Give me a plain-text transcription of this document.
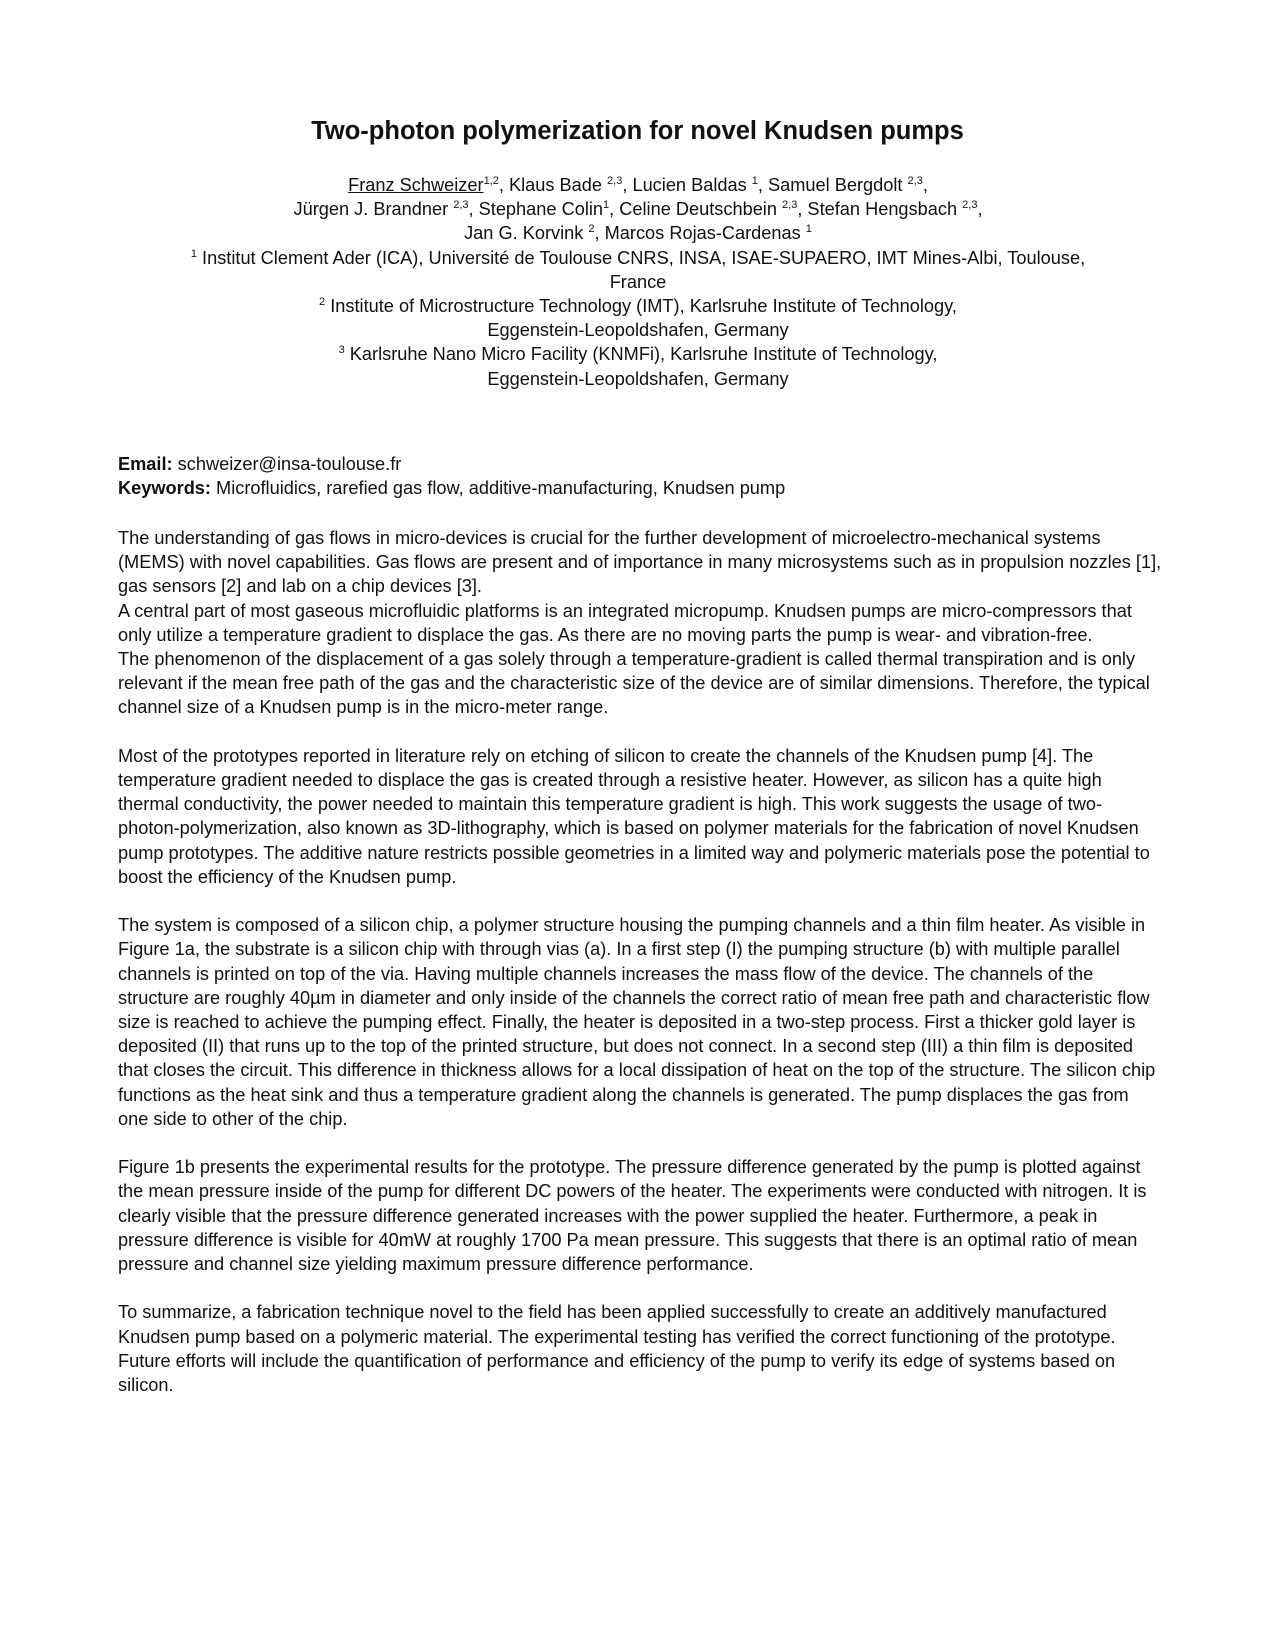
Two-photon polymerization for novel Knudsen pumps
Franz Schweizer$^{1,2}$, Klaus Bade $^{2,3}$, Lucien Baldas $^1$, Samuel Bergdolt $^{2,3}$,
Jürgen J. Brandner $^{2,3}$, Stephane Colin$^1$, Celine Deutschbein $^{2,3}$, Stefan Hengsbach $^{2,3}$,
Jan G. Korvink $^2$, Marcos Rojas-Cardenas $^1$
$^1$ Institut Clement Ader (ICA), Université de Toulouse CNRS, INSA, ISAE-SUPAERO, IMT Mines-Albi, Toulouse,
France
$^2$ Institute of Microstructure Technology (IMT), Karlsruhe Institute of Technology,
Eggenstein-Leopoldshafen, Germany
$^3$ Karlsruhe Nano Micro Facility (KNMFi), Karlsruhe Institute of Technology,
Eggenstein-Leopoldshafen, Germany
Email: schweizer@insa-toulouse.fr
Keywords: Microfluidics, rarefied gas flow, additive-manufacturing, Knudsen pump

The understanding of gas flows in micro-devices is crucial for the further development of microelectro-mechanical systems (MEMS) with novel capabilities. Gas flows are present and of importance in many microsystems such as in propulsion nozzles [1], gas sensors [2] and lab on a chip devices [3].

A central part of most gaseous microfluidic platforms is an integrated micropump. Knudsen pumps are micro-compressors that only utilize a temperature gradient to displace the gas. As there are no moving parts the pump is wear- and vibration-free.

The phenomenon of the displacement of a gas solely through a temperature-gradient is called thermal transpiration and is only relevant if the mean free path of the gas and the characteristic size of the device are of similar dimensions. Therefore, the typical channel size of a Knudsen pump is in the micro-meter range.

Most of the prototypes reported in literature rely on etching of silicon to create the channels of the Knudsen pump [4]. The temperature gradient needed to displace the gas is created through a resistive heater. However, as silicon has a quite high thermal conductivity, the power needed to maintain this temperature gradient is high. This work suggests the usage of two-photon-polymerization, also known as 3D-lithography, which is based on polymer materials for the fabrication of novel Knudsen pump prototypes. The additive nature restricts possible geometries in a limited way and polymeric materials pose the potential to boost the efficiency of the Knudsen pump.

The system is composed of a silicon chip, a polymer structure housing the pumping channels and a thin film heater. As visible in Figure 1a, the substrate is a silicon chip with through vias (a). In a first step (I) the pumping structure (b) with multiple parallel channels is printed on top of the via. Having multiple channels increases the mass flow of the device. The channels of the structure are roughly 40µm in diameter and only inside of the channels the correct ratio of mean free path and characteristic flow size is reached to achieve the pumping effect. Finally, the heater is deposited in a two-step process. First a thicker gold layer is deposited (II) that runs up to the top of the printed structure, but does not connect. In a second step (III) a thin film is deposited that closes the circuit. This difference in thickness allows for a local dissipation of heat on the top of the structure. The silicon chip functions as the heat sink and thus a temperature gradient along the channels is generated. The pump displaces the gas from one side to other of the chip.

Figure 1b presents the experimental results for the prototype. The pressure difference generated by the pump is plotted against the mean pressure inside of the pump for different DC powers of the heater. The experiments were conducted with nitrogen. It is clearly visible that the pressure difference generated increases with the power supplied the heater. Furthermore, a peak in pressure difference is visible for 40mW at roughly 1700 Pa mean pressure. This suggests that there is an optimal ratio of mean pressure and channel size yielding maximum pressure difference performance.

To summarize, a fabrication technique novel to the field has been applied successfully to create an additively manufactured Knudsen pump based on a polymeric material. The experimental testing has verified the correct functioning of the prototype. Future efforts will include the quantification of performance and efficiency of the pump to verify its edge of systems based on silicon.
